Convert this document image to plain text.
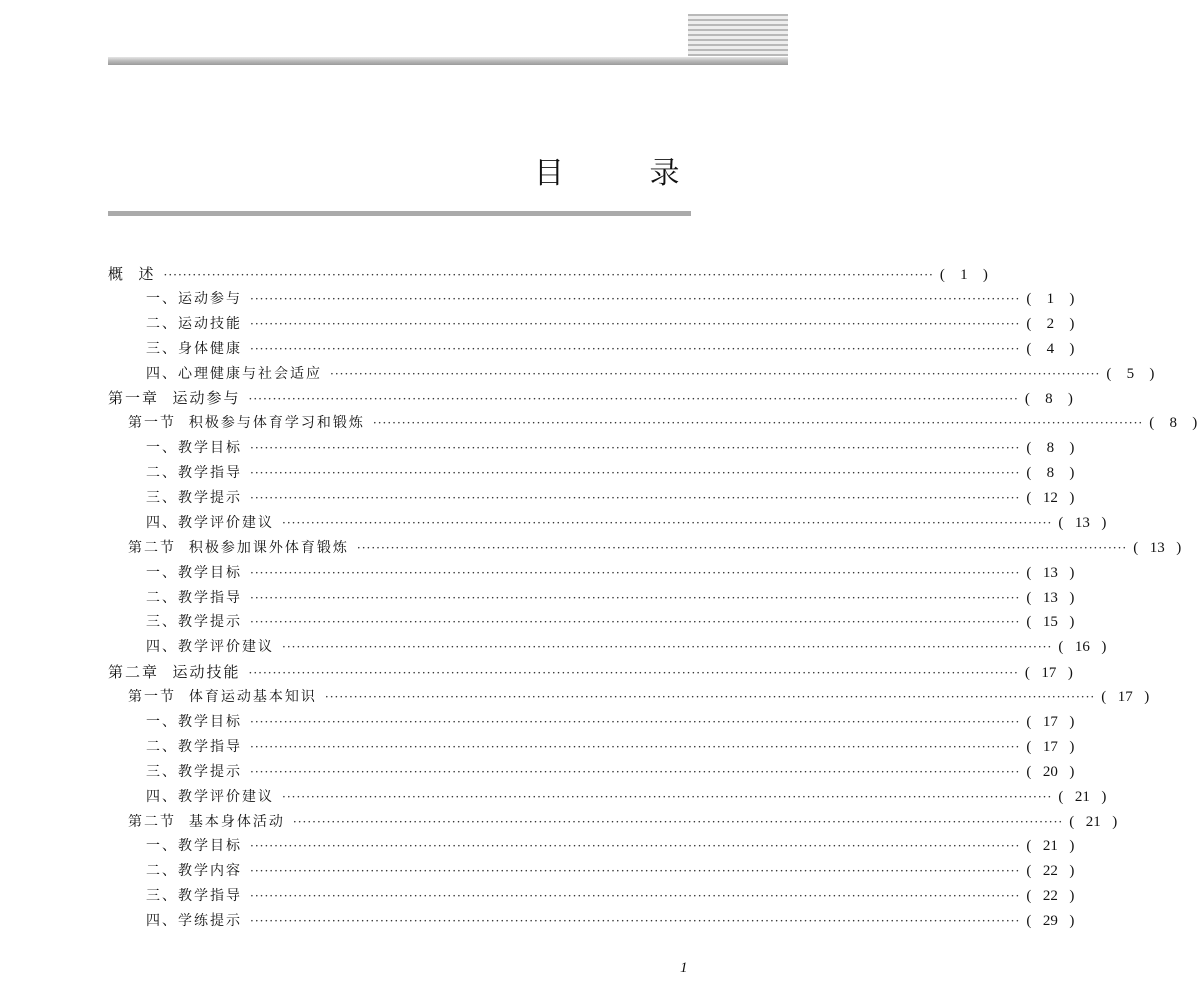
目 录
概  述 ································································································································································ (	1	)
一、运动参与 ································································································································································ (	1	)
二、运动技能 ································································································································································ (	2	)
三、身体健康 ································································································································································ (	4	)
四、心理健康与社会适应 ································································································································································ (	5	)
第一章  运动参与 ································································································································································ (	8	)
第一节  积极参与体育学习和锻炼 ································································································································································ (	8	)
一、教学目标 ································································································································································ (	8	)
二、教学指导 ································································································································································ (	8	)
三、教学提示 ································································································································································ ( 12 )
四、教学评价建议 ································································································································································ ( 13 )
第二节  积极参加课外体育锻炼 ································································································································································ ( 13 )
一、教学目标 ································································································································································ ( 13 )
二、教学指导 ································································································································································ ( 13 )
三、教学提示 ································································································································································ ( 15 )
四、教学评价建议 ································································································································································ ( 16 )
第二章  运动技能 ································································································································································ ( 17 )
第一节  体育运动基本知识 ································································································································································ ( 17 )
一、教学目标 ································································································································································ ( 17 )
二、教学指导 ································································································································································ ( 17 )
三、教学提示 ································································································································································ ( 20 )
四、教学评价建议 ································································································································································ ( 21 )
第二节  基本身体活动 ································································································································································ ( 21 )
一、教学目标 ································································································································································ ( 21 )
二、教学内容 ································································································································································ ( 22 )
三、教学指导 ································································································································································ ( 22 )
四、学练提示 ································································································································································ ( 29 )
1
